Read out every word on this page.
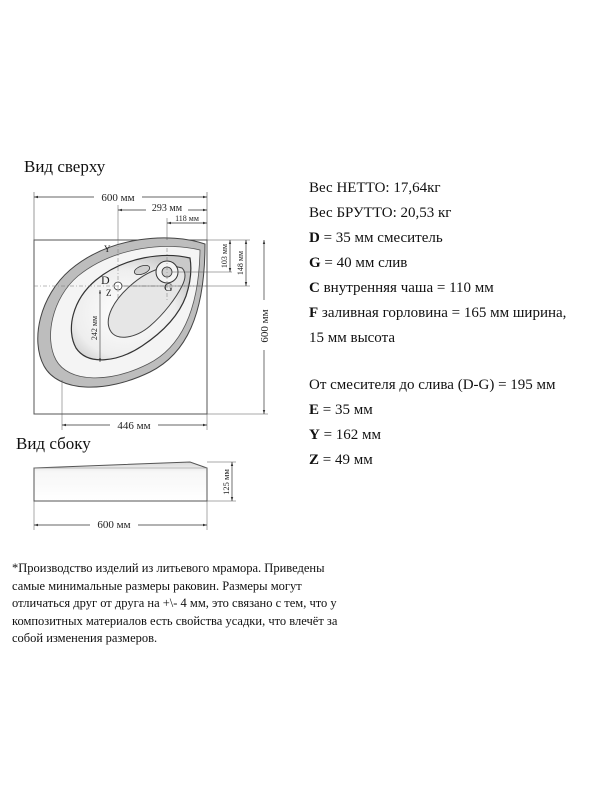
Вид сверху
Вид сбоку
Y
D
Z	G
600 мм
293 мм
118 мм
103 мм 148 мм
600 мм
242 мм
446 мм
125 мм
600 мм
Вес НЕТТО: 17,64кг
Вес БРУТТО: 20,53 кг
D = 35 мм смеситель
G = 40 мм слив
C внутренняя чаша = 110 мм
F заливная горловина = 165 мм ширина,
15 мм высота
От смесителя до слива (D-G) = 195 мм
E = 35 мм
Y = 162 мм
Z = 49 мм
*Производство изделий из литьевого мрамора. Приведены самые минимальные размеры раковин. Размеры могут отличаться друг от друга на +\- 4 мм, это связано с тем, что у композитных материалов есть свойства усадки, что влечёт за собой изменения размеров.
